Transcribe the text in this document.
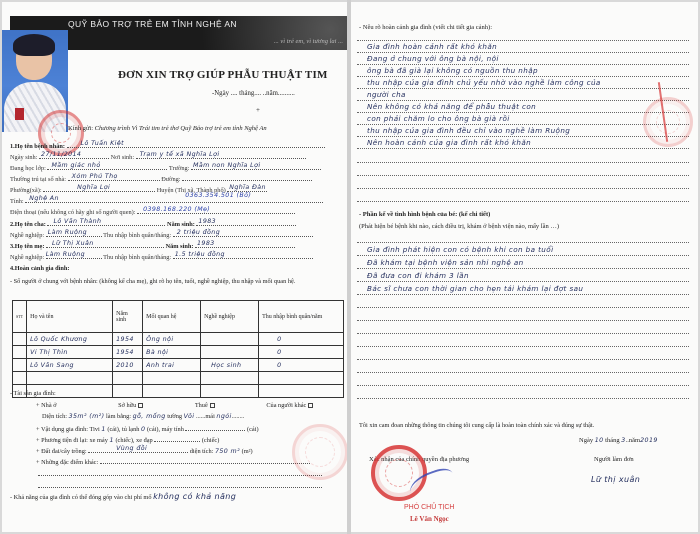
QUỸ BẢO TRỢ TRẺ EM TỈNH NGHỆ AN
... vì trẻ em, vì tương lai ...
ĐƠN XIN TRỢ GIÚP PHẪU THUẬT TIM
-Ngày .... tháng.... ..năm..........
+
Kính gửi: Chương trình Vì Trái tim trẻ thơ Quỹ Bảo trợ trẻ em tỉnh Nghệ An
1.Họ tên bệnh nhân: Lô Tuấn Kiệt
Ngày sinh: 27/11/2014	Nơi sinh: Trạm y tế xã Nghĩa Lợi
Đang học lớp: Mầm giác nhỏ	Trường: Mầm non Nghĩa Lợi
Thường trú tại số nhà: Xóm Phú Thọ	Đường:
Phường(xã):	Nghĩa Lợi	Huyện (Thị xã, Thành phố) Nghĩa Đàn
Tỉnh: Nghệ An	0363.354.501 (Bố)
Điện thoại (nếu không có hãy ghi số người quen): 0398.168.220 (Mẹ)
2.Họ tên cha: Lô Văn Thành	Năm sinh: 1983
Nghề nghiệp: Làm Ruộng	Thu nhập bình quân/tháng: 2 triệu đồng
3.Họ tên mẹ: Lữ Thị Xuân	Năm sinh: 1983
Nghề nghiệp: Làm Ruộng	Thu nhập bình quân/tháng: 1.5 triệu đồng
4.Hoàn cảnh gia đình:
- Số người ở chung với bệnh nhân: (không kể cha mẹ), ghi rõ họ tên, tuổi, nghề nghiệp, thu nhập và mối quan hệ.
STT	Họ và tên	Năm sinh	Mối quan hệ	Nghề nghiệp	Thu nhập bình quân/năm
	Lô Quốc Khương	1954	Ông nội		0
	Vi Thị Thìn	1954	Bà nội		0
	Lô Văn Sang	2010	Anh trai	Học sinh	0

- Tài sản gia đình:
+ Nhà ở	Sở hữu	Thuê	Của người khác
Diện tích: 35m² (m²) làm bằng: gỗ, mống tường Vôi ......mái ngói........
+ Vật dụng gia đình: Tivi 1 (cái), tủ lạnh 0 (cái), máy tính	(cái)
+ Phương tiện đi lại: xe máy 1 (chiếc), xe đạp	(chiếc)
+ Đất đai/cây trồng:	Vùng đồi	diện tích: 750 m² (m²)
+ Những đặc điểm khác:
- Khả năng của gia đình có thể đóng góp vào chi phí mổ không có khả năng
- Nêu rõ hoàn cảnh gia đình (viết chi tiết gia cảnh):
Gia đình hoàn cảnh rất khó khăn
Đang ở chung với ông bà nội, nội
ông bà đã già lại không có nguồn thu nhập
thu nhập của gia đình chủ yếu nhờ vào nghề làm công của
người cha
Nên không có khả năng để phẫu thuật con
con phải chăm lo cho ông bà già rồi
thu nhập của gia đình đều chỉ vào nghề làm Ruộng
Nên hoàn cảnh của gia đình rất khó khăn
- Phần kể về tình hình bệnh của bé: (kể chi tiết)
(Phát hiện bé bệnh khi nào, cách điều trị, khám ở bệnh viện nào, mấy lần …)
Gia đình phát hiện con có bệnh khi con ba tuổi
Đã khám tại bệnh viện sản nhi nghệ an
Đã đưa con đi khám 3 lần
Bác sĩ chưa con thời gian cho hẹn tái khám lại đợt sau
Tôi xin cam đoan những thông tin chúng tôi cung cấp là hoàn toàn chính xác và đúng sự thật.
Ngày 10 tháng 3..năm2019
Xác nhận của chính quyền địa phương	Người làm đơn
Lữ thị xuân
PHÓ CHỦ TỊCH
Lê Văn Ngọc
